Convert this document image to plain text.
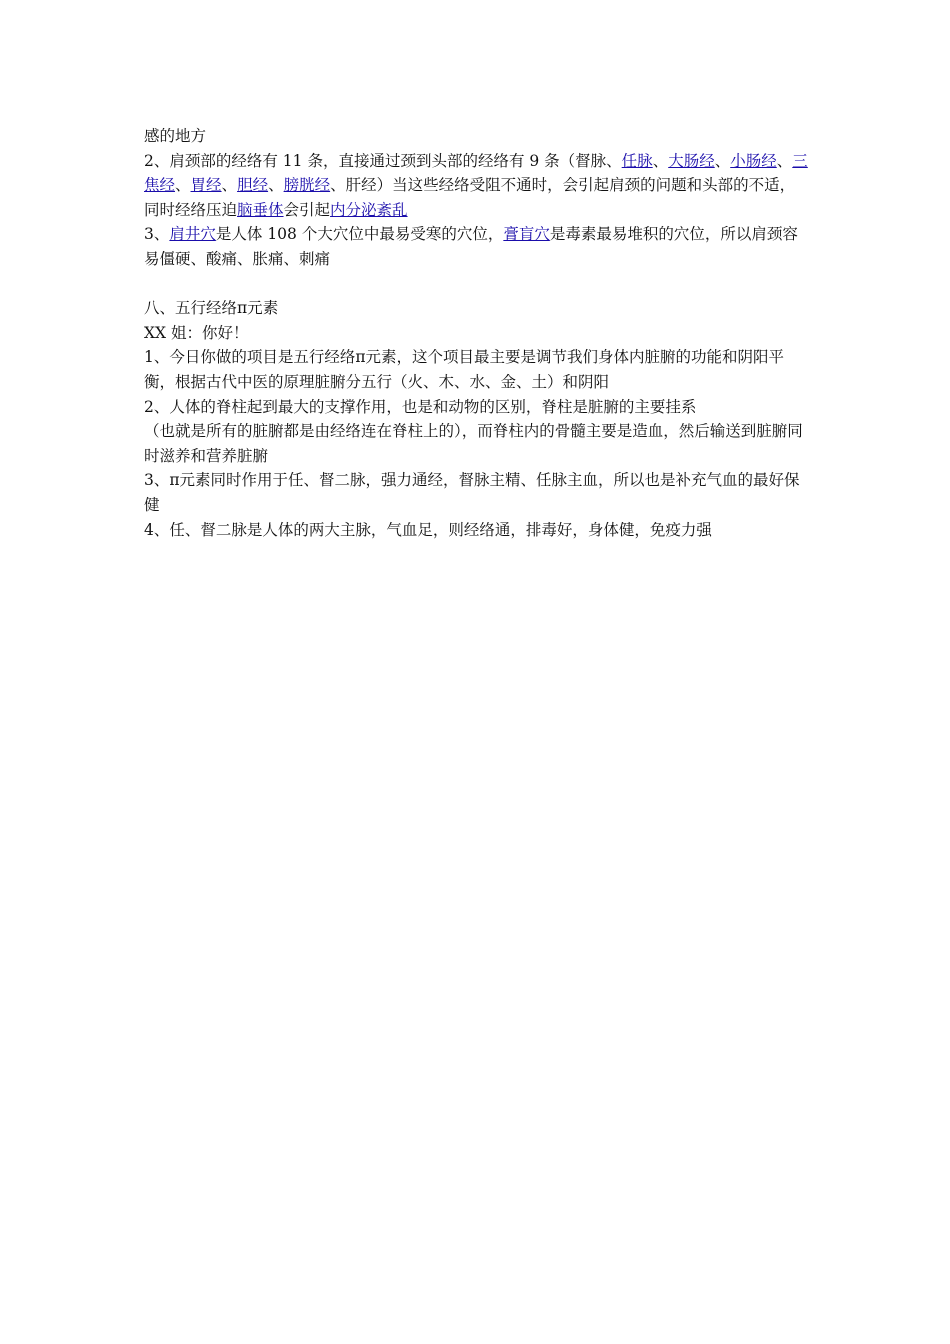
感的地方

2、肩颈部的经络有 11 条，直接通过颈到头部的经络有 9 条（督脉、任脉、大肠经、小肠经、三焦经、胃经、胆经、膀胱经、肝经）当这些经络受阻不通时，会引起肩颈的问题和头部的不适，同时经络压迫脑垂体会引起内分泌紊乱

3、肩井穴是人体 108 个大穴位中最易受寒的穴位，膏肓穴是毒素最易堆积的穴位，所以肩颈容易僵硬、酸痛、胀痛、刺痛

八、五行经络π元素

XX 姐：你好！

1、今日你做的项目是五行经络π元素，这个项目最主要是调节我们身体内脏腑的功能和阴阳平衡，根据古代中医的原理脏腑分五行（火、木、水、金、土）和阴阳

2、人体的脊柱起到最大的支撑作用，也是和动物的区别，脊柱是脏腑的主要挂系

（也就是所有的脏腑都是由经络连在脊柱上的），而脊柱内的骨髓主要是造血，然后输送到脏腑同时滋养和营养脏腑

3、π元素同时作用于任、督二脉，强力通经，督脉主精、任脉主血，所以也是补充气血的最好保健

4、任、督二脉是人体的两大主脉，气血足，则经络通，排毒好，身体健，免疫力强
